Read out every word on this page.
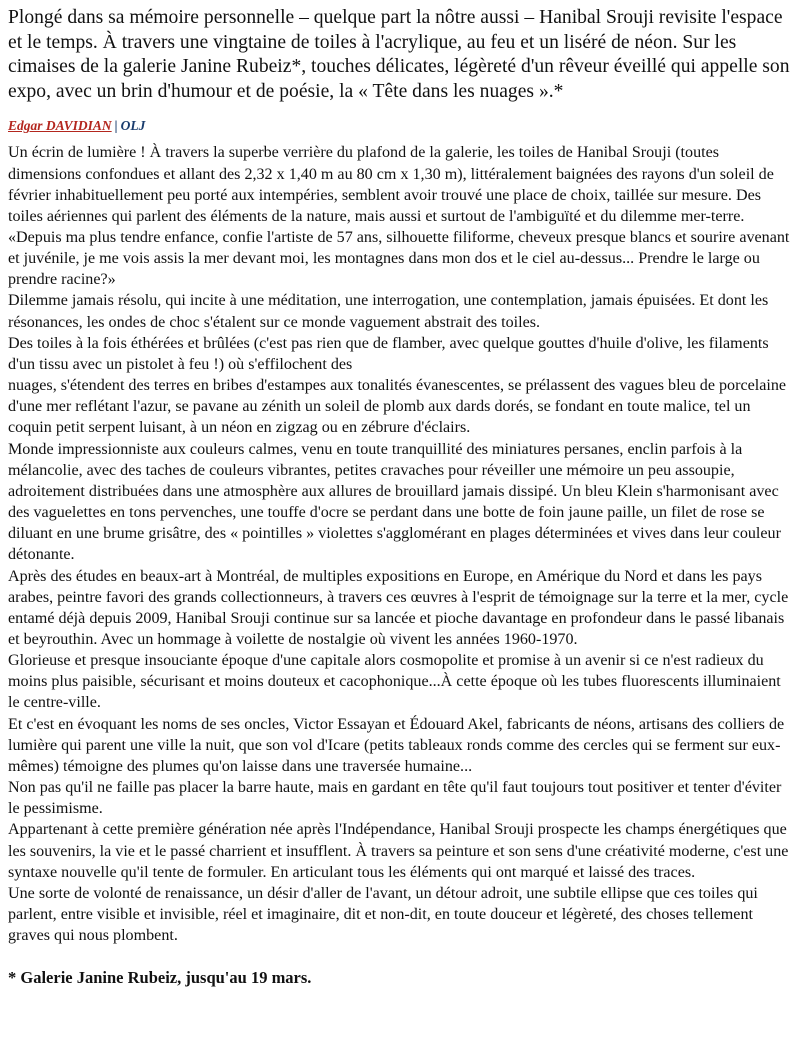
Plongé dans sa mémoire personnelle – quelque part la nôtre aussi – Hanibal Srouji revisite l'espace et le temps. À travers une vingtaine de toiles à l'acrylique, au feu et un liséré de néon. Sur les cimaises de la galerie Janine Rubeiz*, touches délicates, légèreté d'un rêveur éveillé qui appelle son expo, avec un brin d'humour et de poésie, la « Tête dans les nuages ».*

Edgar DAVIDIAN | OLJ

Un écrin de lumière ! À travers la superbe verrière du plafond de la galerie, les toiles de Hanibal Srouji (toutes dimensions confondues et allant des 2,32 x 1,40 m au 80 cm x 1,30 m), littéralement baignées des rayons d'un soleil de février inhabituellement peu porté aux intempéries, semblent avoir trouvé une place de choix, taillée sur mesure. Des toiles aériennes qui parlent des éléments de la nature, mais aussi et surtout de l'ambiguïté et du dilemme mer-terre.

«Depuis ma plus tendre enfance, confie l'artiste de 57 ans, silhouette filiforme, cheveux presque blancs et sourire avenant et juvénile, je me vois assis la mer devant moi, les montagnes dans mon dos et le ciel au-dessus... Prendre le large ou prendre racine?»

Dilemme jamais résolu, qui incite à une méditation, une interrogation, une contemplation, jamais épuisées. Et dont les résonances, les ondes de choc s'étalent sur ce monde vaguement abstrait des toiles.

Des toiles à la fois éthérées et brûlées (c'est pas rien que de flamber, avec quelque gouttes d'huile d'olive, les filaments d'un tissu avec un pistolet à feu !) où s'effilochent des

nuages, s'étendent des terres en bribes d'estampes aux tonalités évanescentes, se prélassent des vagues bleu de porcelaine d'une mer reflétant l'azur, se pavane au zénith un soleil de plomb aux dards dorés, se fondant en toute malice, tel un coquin petit serpent luisant, à un néon en zigzag ou en zébrure d'éclairs.

Monde impressionniste aux couleurs calmes, venu en toute tranquillité des miniatures persanes, enclin parfois à la mélancolie, avec des taches de couleurs vibrantes, petites cravaches pour réveiller une mémoire un peu assoupie, adroitement distribuées dans une atmosphère aux allures de brouillard jamais dissipé. Un bleu Klein s'harmonisant avec des vaguelettes en tons pervenches, une touffe d'ocre se perdant dans une botte de foin jaune paille, un filet de rose se diluant en une brume grisâtre, des « pointilles » violettes s'agglomérant en plages déterminées et vives dans leur couleur détonante.

Après des études en beaux-art à Montréal, de multiples expositions en Europe, en Amérique du Nord et dans les pays arabes, peintre favori des grands collectionneurs, à travers ces œuvres à l'esprit de témoignage sur la terre et la mer, cycle entamé déjà depuis 2009, Hanibal Srouji continue sur sa lancée et pioche davantage en profondeur dans le passé libanais et beyrouthin. Avec un hommage à voilette de nostalgie où vivent les années 1960-1970.

Glorieuse et presque insouciante époque d'une capitale alors cosmopolite et promise à un avenir si ce n'est radieux du moins plus paisible, sécurisant et moins douteux et cacophonique...À cette époque où les tubes fluorescents illuminaient le centre-ville.

Et c'est en évoquant les noms de ses oncles, Victor Essayan et Édouard Akel, fabricants de néons, artisans des colliers de lumière qui parent une ville la nuit, que son vol d'Icare (petits tableaux ronds comme des cercles qui se ferment sur eux-mêmes) témoigne des plumes qu'on laisse dans une traversée humaine...

Non pas qu'il ne faille pas placer la barre haute, mais en gardant en tête qu'il faut toujours tout positiver et tenter d'éviter le pessimisme.

Appartenant à cette première génération née après l'Indépendance, Hanibal Srouji prospecte les champs énergétiques que les souvenirs, la vie et le passé charrient et insufflent. À travers sa peinture et son sens d'une créativité moderne, c'est une syntaxe nouvelle qu'il tente de formuler. En articulant tous les éléments qui ont marqué et laissé des traces.

Une sorte de volonté de renaissance, un désir d'aller de l'avant, un détour adroit, une subtile ellipse que ces toiles qui parlent, entre visible et invisible, réel et imaginaire, dit et non-dit, en toute douceur et légèreté, des choses tellement graves qui nous plombent.

* Galerie Janine Rubeiz, jusqu'au 19 mars.
